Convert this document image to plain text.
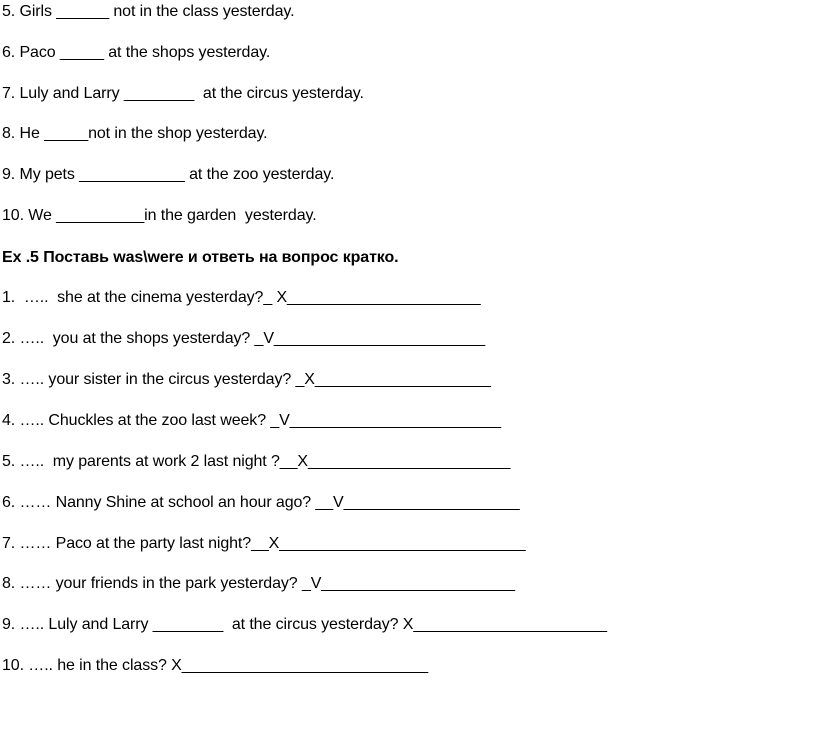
5. Girls ______ not in the class yesterday.
6. Paco _____ at the shops yesterday.
7. Luly and Larry ________  at the circus yesterday.
8. He _____not in the shop yesterday.
9. My pets ____________ at the zoo yesterday.
10. We __________in the garden  yesterday.
Ex .5 Поставь was\were и ответь на вопрос кратко.
1.  …..  she at the cinema yesterday?_ X______________________
2. …..  you at the shops yesterday? _V________________________
3. ….. your sister in the circus yesterday? _X____________________
4. ….. Chuckles at the zoo last week? _V________________________
5. …..  my parents at work 2 last night ?__X_______________________
6. …… Nanny Shine at school an hour ago? __V____________________
7. …… Paco at the party last night?__X____________________________
8. …… your friends in the park yesterday? _V______________________
9. ….. Luly and Larry ________  at the circus yesterday? X______________________
10. ….. he in the class? X____________________________
